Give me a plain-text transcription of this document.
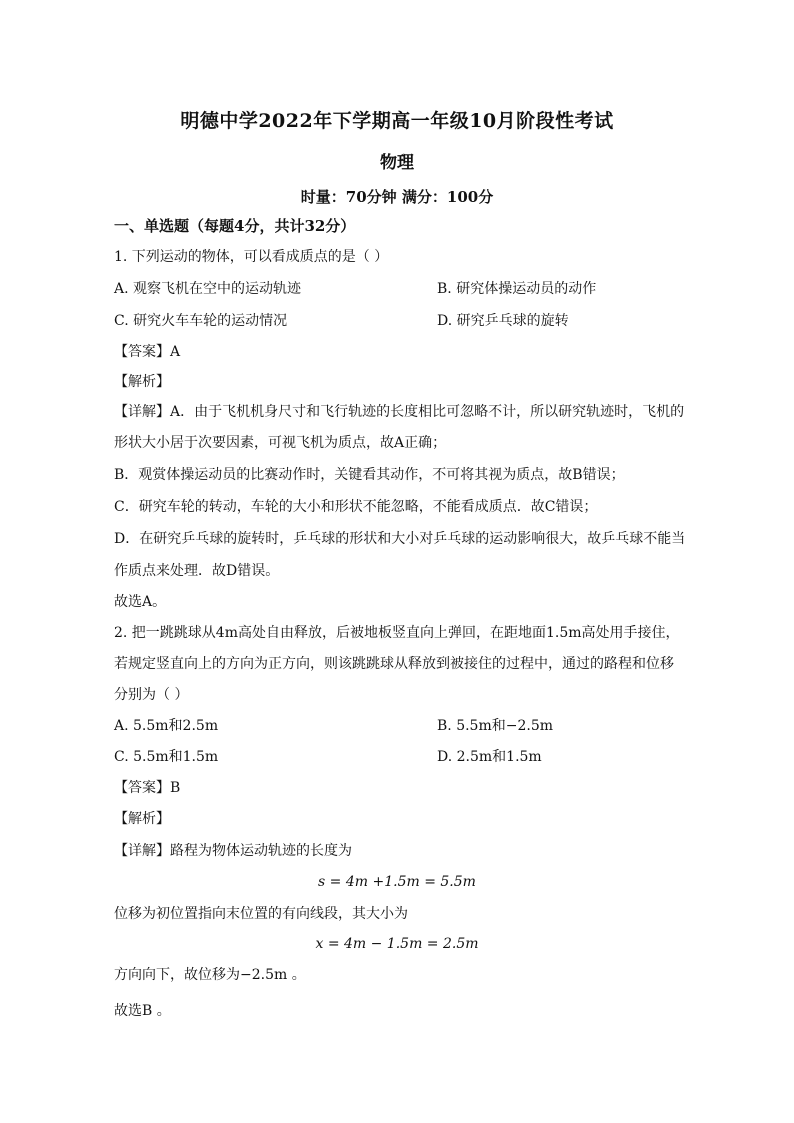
明德中学2022年下学期高一年级10月阶段性考试
物理
时量：70分钟 满分：100分
一、单选题（每题4分，共计32分）
1. 下列运动的物体，可以看成质点的是（ ）
A. 观察飞机在空中的运动轨迹	B. 研究体操运动员的动作
C. 研究火车车轮的运动情况	D. 研究乒乓球的旋转
【答案】A
【解析】
【详解】A．由于飞机机身尺寸和飞行轨迹的长度相比可忽略不计，所以研究轨迹时，飞机的
形状大小居于次要因素，可视飞机为质点，故A正确；
B．观赏体操运动员的比赛动作时，关键看其动作，不可将其视为质点，故B错误；
C．研究车轮的转动，车轮的大小和形状不能忽略，不能看成质点．故C错误；
D．在研究乒乓球的旋转时，乒乓球的形状和大小对乒乓球的运动影响很大，故乒乓球不能当
作质点来处理．故D错误。
故选A。
2. 把一跳跳球从4m高处自由释放，后被地板竖直向上弹回，在距地面1.5m高处用手接住，
若规定竖直向上的方向为正方向，则该跳跳球从释放到被接住的过程中，通过的路程和位移
分别为（ ）
A. 5.5m和2.5m	B. 5.5m和−2.5m
C. 5.5m和1.5m	D. 2.5m和1.5m
【答案】B
【解析】
【详解】路程为物体运动轨迹的长度为
s = 4m +1.5m = 5.5m
位移为初位置指向末位置的有向线段，其大小为
x = 4m − 1.5m = 2.5m
方向向下，故位移为−2.5m 。
故选B 。
